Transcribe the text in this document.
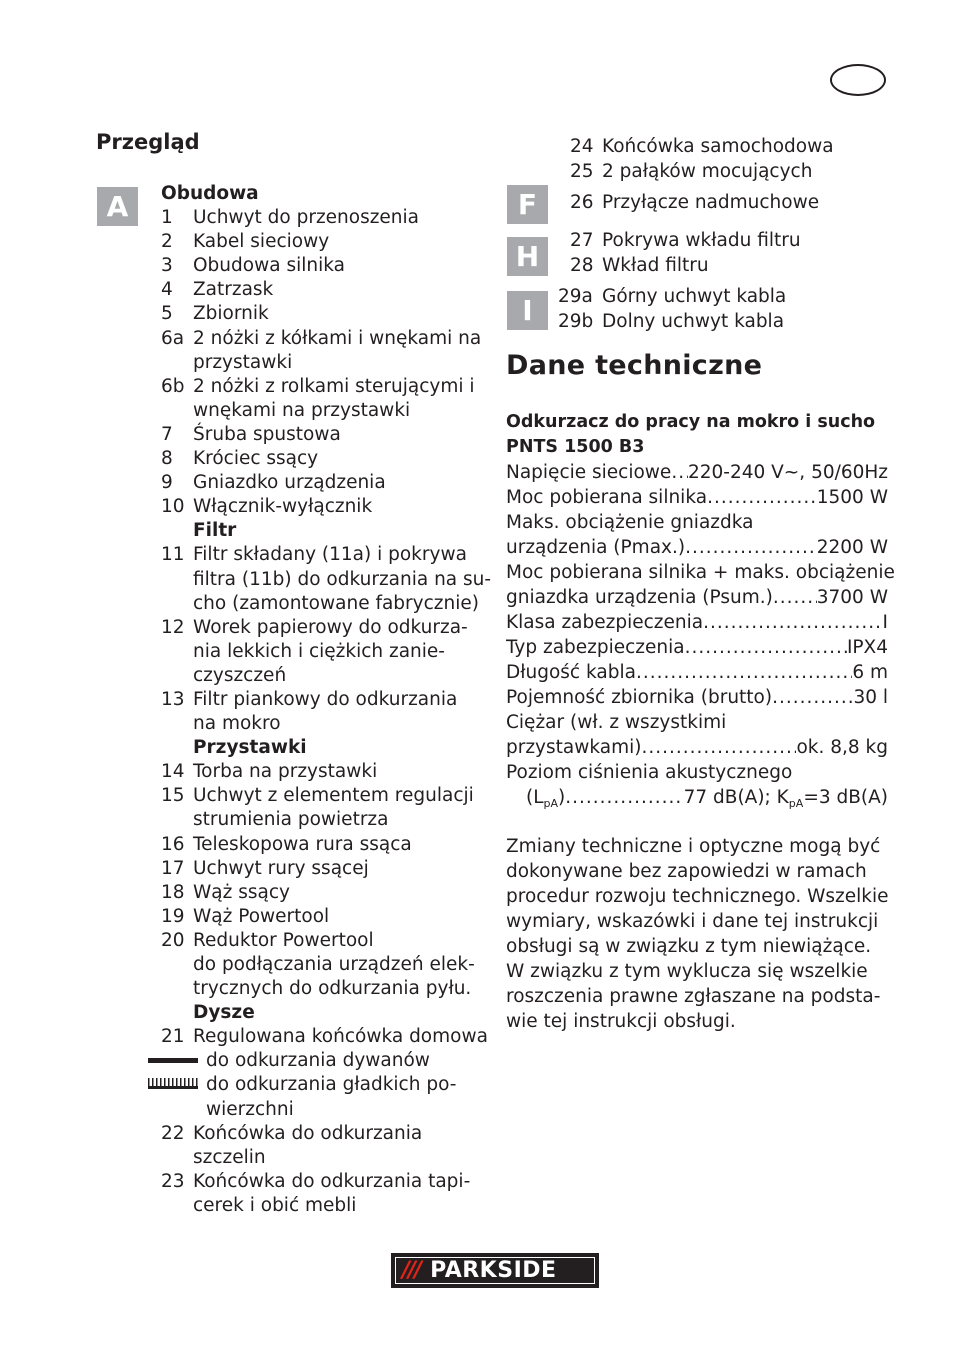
Przegląd
A	Obudowa
1 Uchwyt do przenoszenia
2 Kabel sieciowy
3 Obudowa silnika
4 Zatrzask
5 Zbiornik
6a 2 nóżki z kółkami i wnękami na
przystawki
6b 2 nóżki z rolkami sterującymi i
wnękami na przystawki
7 Śruba spustowa
8 Króciec ssący
9 Gniazdko urządzenia
10 Włącznik-wyłącznik
Filtr
11 Filtr składany (11a) i pokrywa
filtra (11b) do odkurzania na su-
cho (zamontowane fabrycznie)
12 Worek papierowy do odkurza-
nia lekkich i ciężkich zanie-
czyszczeń
13 Filtr piankowy do odkurzania
na mokro
Przystawki
14 Torba na przystawki
15 Uchwyt z elementem regulacji
strumienia powietrza
16 Teleskopowa rura ssąca
17 Uchwyt rury ssącej
18 Wąż ssący
19 Wąż Powertool
20 Reduktor Powertool
do podłączania urządzeń elek-
trycznych do odkurzania pyłu.
Dysze
21 Regulowana końcówka domowa
do odkurzania dywanów
do odkurzania gładkich po-
wierzchni
22 Końcówka do odkurzania
szczelin
23 Końcówka do odkurzania tapi-
cerek i obić mebli
24 Końcówka samochodowa
25 2 pałąków mocujących
F	26 Przyłącze nadmuchowe
H	27 Pokrywa wkładu filtru
28 Wkład filtru
I	29a Górny uchwyt kabla
29b Dolny uchwyt kabla
Dane techniczne
Odkurzacz do pracy na mokro i sucho
PNTS 1500 B3
Napięcie sieciowe ..... 220-240 V~, 50/60Hz
Moc pobierana silnika .....	1500 W
Maks. obciążenie gniazdka
urządzenia (Pmax.) .....	2200 W
Moc pobierana silnika + maks. obciążenie
gniazdka urządzenia (Psum.) ..... 3700 W
Klasa zabezpieczenia .....	I
Typ zabezpieczenia .....	IPX4
Długość kabla .....	6 m
Pojemność zbiornika (brutto) .....	30 l
Ciężar (wł. z wszystkimi
przystawkami) .....	ok. 8,8 kg
Poziom ciśnienia akustycznego
$(L_{pA})$ .....	77 dB(A); $K_{pA}=3$ dB(A)
Zmiany techniczne i optyczne mogą być
dokonywane bez zapowiedzi w ramach
procedur rozwoju technicznego. Wszelkie
wymiary, wskazówki i dane tej instrukcji
obsługi są w związku z tym niewiążące.
W związku z tym wyklucza się wszelkie
roszczenia prawne zgłaszane na podsta-
wie tej instrukcji obsługi.
/// PARKSIDE
